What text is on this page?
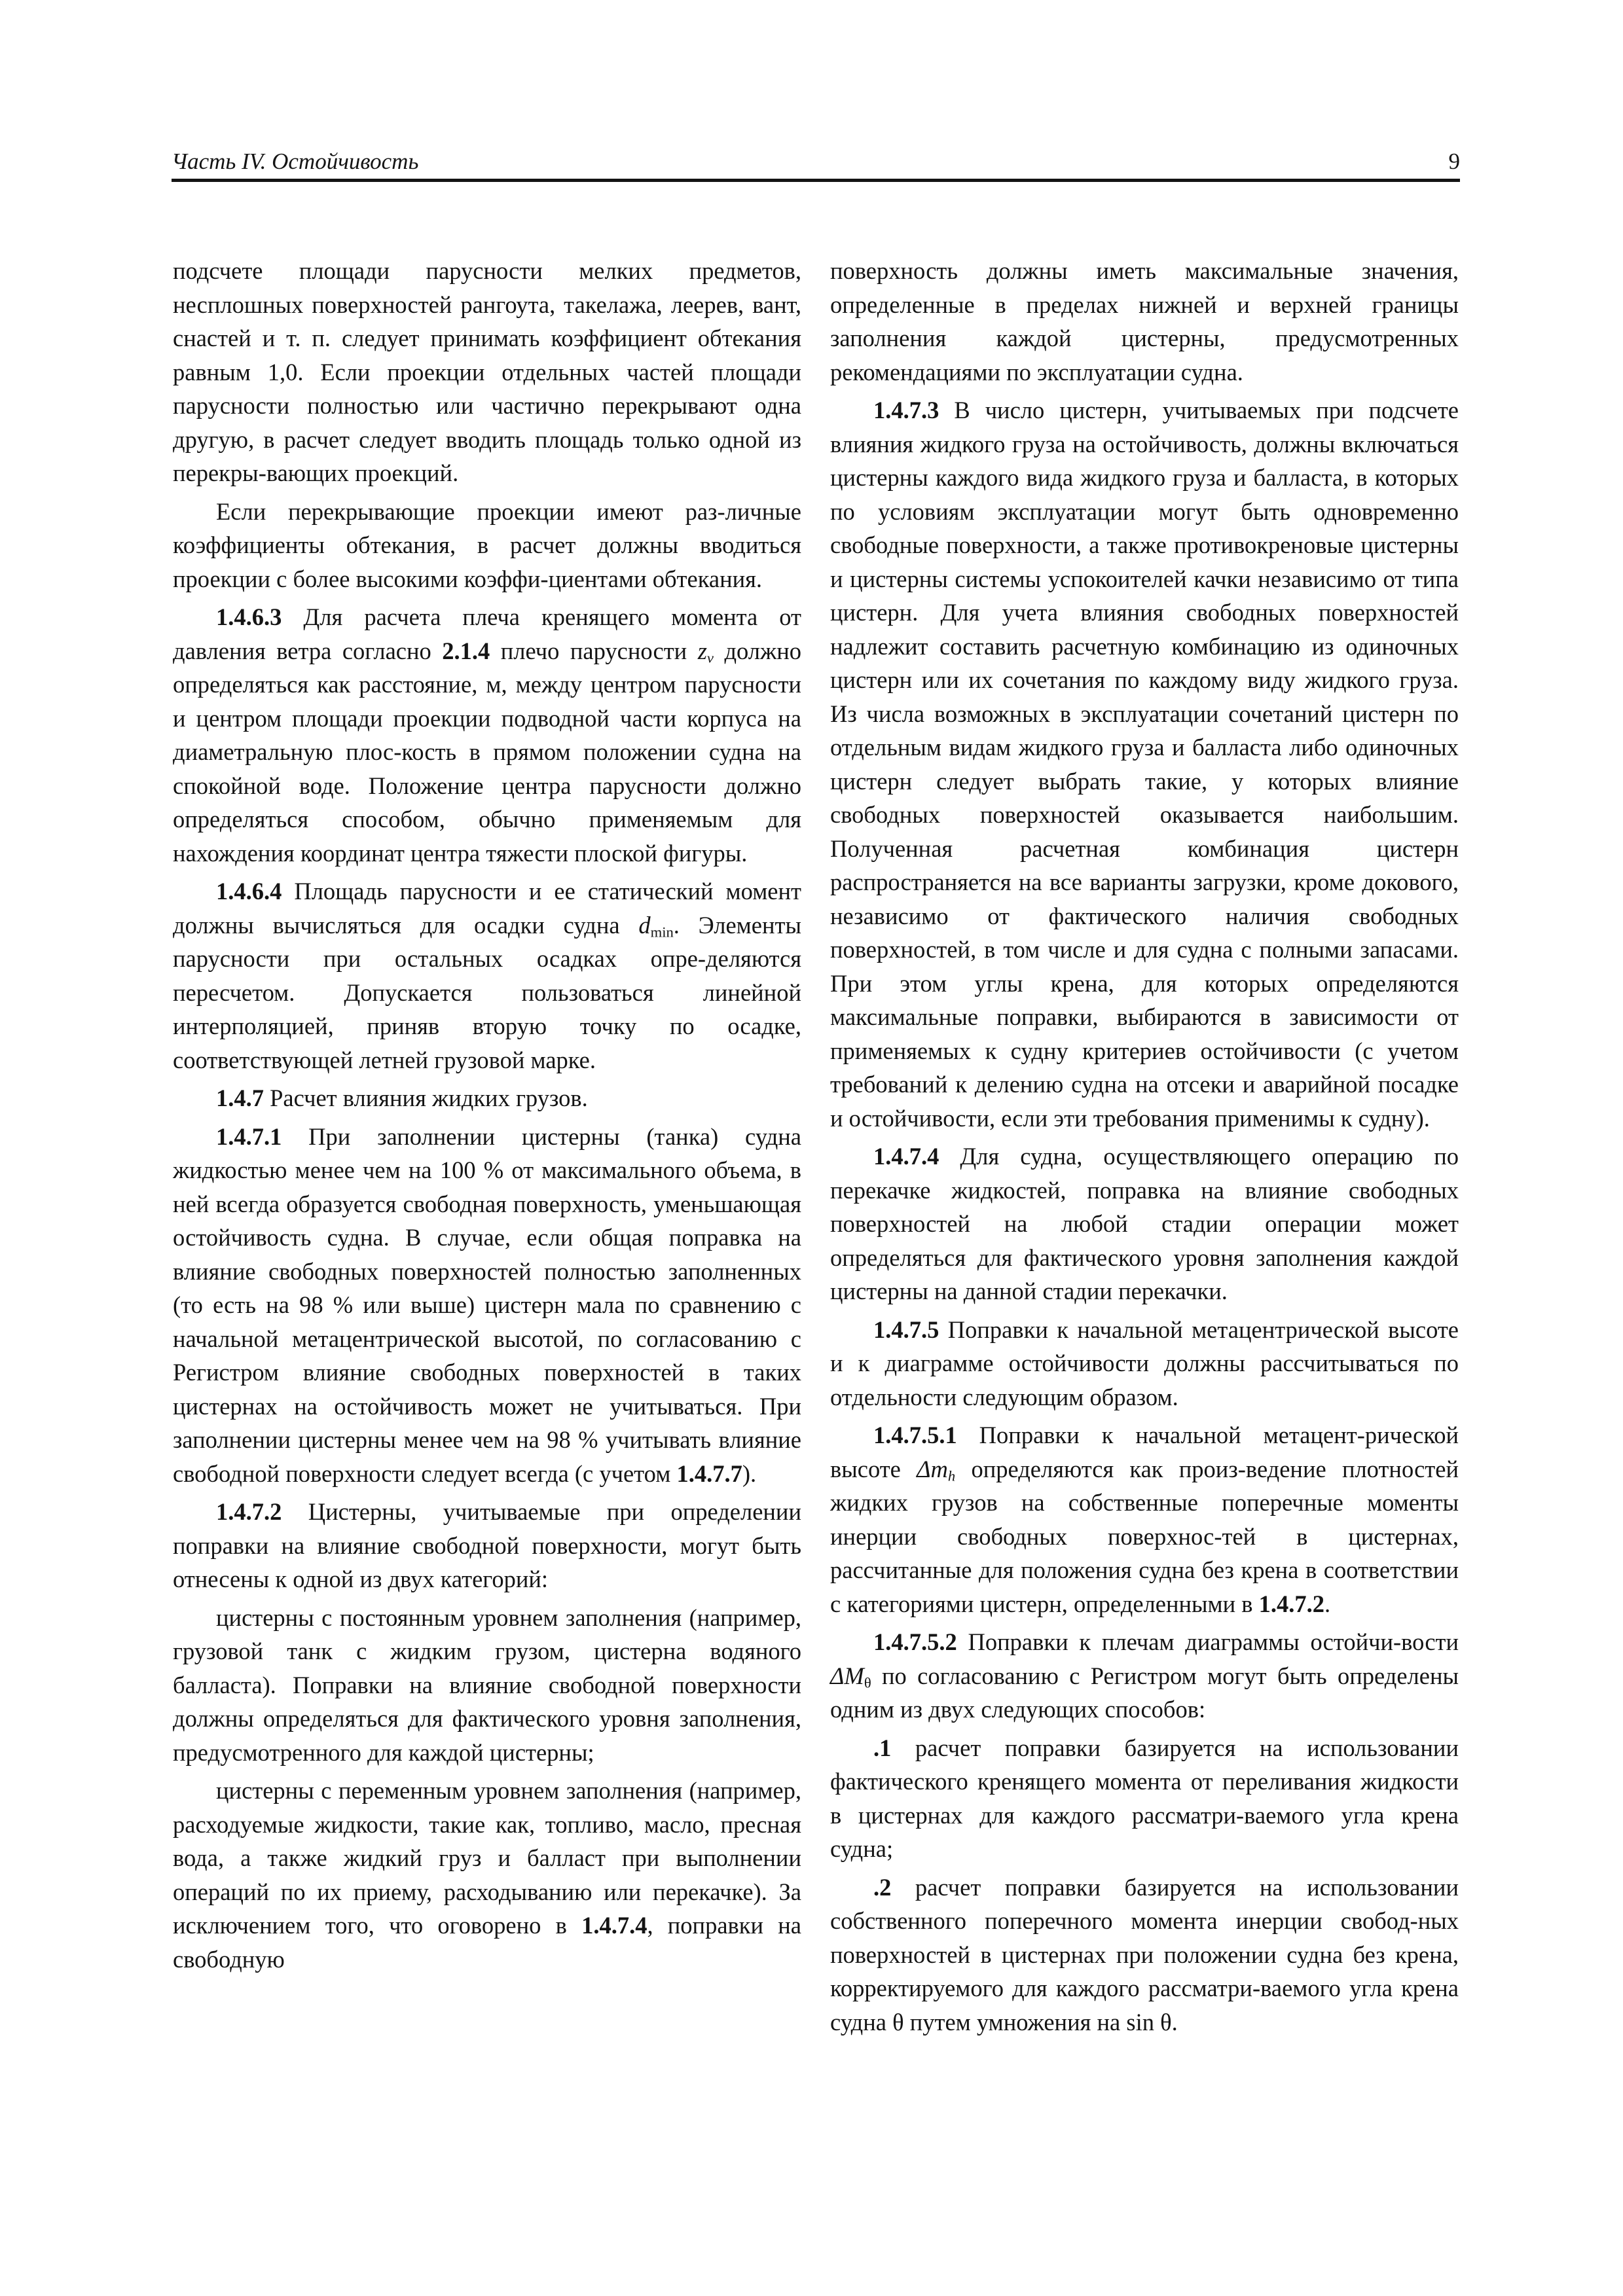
Часть IV. Остойчивость	9

подсчете площади парусности мелких предметов, несплошных поверхностей рангоута, такелажа, леерев, вант, снастей и т. п. следует принимать коэффициент обтекания равным 1,0. Если проекции отдельных частей площади парусности полностью или частично перекрывают одна другую, в расчет следует вводить площадь только одной из перекры-вающих проекций.

Если перекрывающие проекции имеют раз-личные коэффициенты обтекания, в расчет должны вводиться проекции с более высокими коэффи-циентами обтекания.

1.4.6.3 Для расчета плеча кренящего момента от давления ветра согласно 2.1.4 плечо парусности $z_v$ должно определяться как расстояние, м, между центром парусности и центром площади проекции подводной части корпуса на диаметральную плос-кость в прямом положении судна на спокойной воде. Положение центра парусности должно определяться способом, обычно применяемым для нахождения координат центра тяжести плоской фигуры.

1.4.6.4 Площадь парусности и ее статический момент должны вычисляться для осадки судна $d_{min}$. Элементы парусности при остальных осадках опре-деляются пересчетом. Допускается пользоваться линейной интерполяцией, приняв вторую точку по осадке, соответствующей летней грузовой марке.

1.4.7 Расчет влияния жидких грузов.

1.4.7.1 При заполнении цистерны (танка) судна жидкостью менее чем на 100 % от максимального объема, в ней всегда образуется свободная поверхность, уменьшающая остойчивость судна. В случае, если общая поправка на влияние свободных поверхностей полностью заполненных (то есть на 98 % или выше) цистерн мала по сравнению с начальной метацентрической высотой, по согласованию с Регистром влияние свободных поверхностей в таких цистернах на остойчивость может не учитываться. При заполнении цистерны менее чем на 98 % учитывать влияние свободной поверхности следует всегда (с учетом 1.4.7.7).

1.4.7.2 Цистерны, учитываемые при определении поправки на влияние свободной поверхности, могут быть отнесены к одной из двух категорий:

цистерны с постоянным уровнем заполнения (например, грузовой танк с жидким грузом, цистерна водяного балласта). Поправки на влияние свободной поверхности должны определяться для фактического уровня заполнения, предусмотренного для каждой цистерны;

цистерны с переменным уровнем заполнения (например, расходуемые жидкости, такие как, топливо, масло, пресная вода, а также жидкий груз и балласт при выполнении операций по их приему, расходыванию или перекачке). За исключением того, что оговорено в 1.4.7.4, поправки на свободную

поверхность должны иметь максимальные значения, определенные в пределах нижней и верхней границы заполнения каждой цистерны, предусмотренных рекомендациями по эксплуатации судна.

1.4.7.3 В число цистерн, учитываемых при подсчете влияния жидкого груза на остойчивость, должны включаться цистерны каждого вида жидкого груза и балласта, в которых по условиям эксплуатации могут быть одновременно свободные поверхности, а также противокреновые цистерны и цистерны системы успокоителей качки независимо от типа цистерн. Для учета влияния свободных поверхностей надлежит составить расчетную комбинацию из одиночных цистерн или их сочетания по каждому виду жидкого груза. Из числа возможных в эксплуатации сочетаний цистерн по отдельным видам жидкого груза и балласта либо одиночных цистерн следует выбрать такие, у которых влияние свободных поверхностей оказывается наибольшим. Полученная расчетная комбинация цистерн распространяется на все варианты загрузки, кроме докового, независимо от фактического наличия свободных поверхностей, в том числе и для судна с полными запасами. При этом углы крена, для которых определяются максимальные поправки, выбираются в зависимости от применяемых к судну критериев остойчивости (с учетом требований к делению судна на отсеки и аварийной посадке и остойчивости, если эти требования применимы к судну).

1.4.7.4 Для судна, осуществляющего операцию по перекачке жидкостей, поправка на влияние свободных поверхностей на любой стадии операции может определяться для фактического уровня заполнения каждой цистерны на данной стадии перекачки.

1.4.7.5 Поправки к начальной метацентрической высоте и к диаграмме остойчивости должны рассчитываться по отдельности следующим образом.

1.4.7.5.1 Поправки к начальной метацент-рической высоте $\Delta m_h$ определяются как произ-ведение плотностей жидких грузов на собственные поперечные моменты инерции свободных поверхнос-тей в цистернах, рассчитанные для положения судна без крена в соответствии с категориями цистерн, определенными в 1.4.7.2.

1.4.7.5.2 Поправки к плечам диаграммы остойчи-вости $\Delta M_\theta$ по согласованию с Регистром могут быть определены одним из двух следующих способов:

.1 расчет поправки базируется на использовании фактического кренящего момента от переливания жидкости в цистернах для каждого рассматри-ваемого угла крена судна;

.2 расчет поправки базируется на использовании собственного поперечного момента инерции свобод-ных поверхностей в цистернах при положении судна без крена, корректируемого для каждого рассматри-ваемого угла крена судна θ путем умножения на sin θ.
